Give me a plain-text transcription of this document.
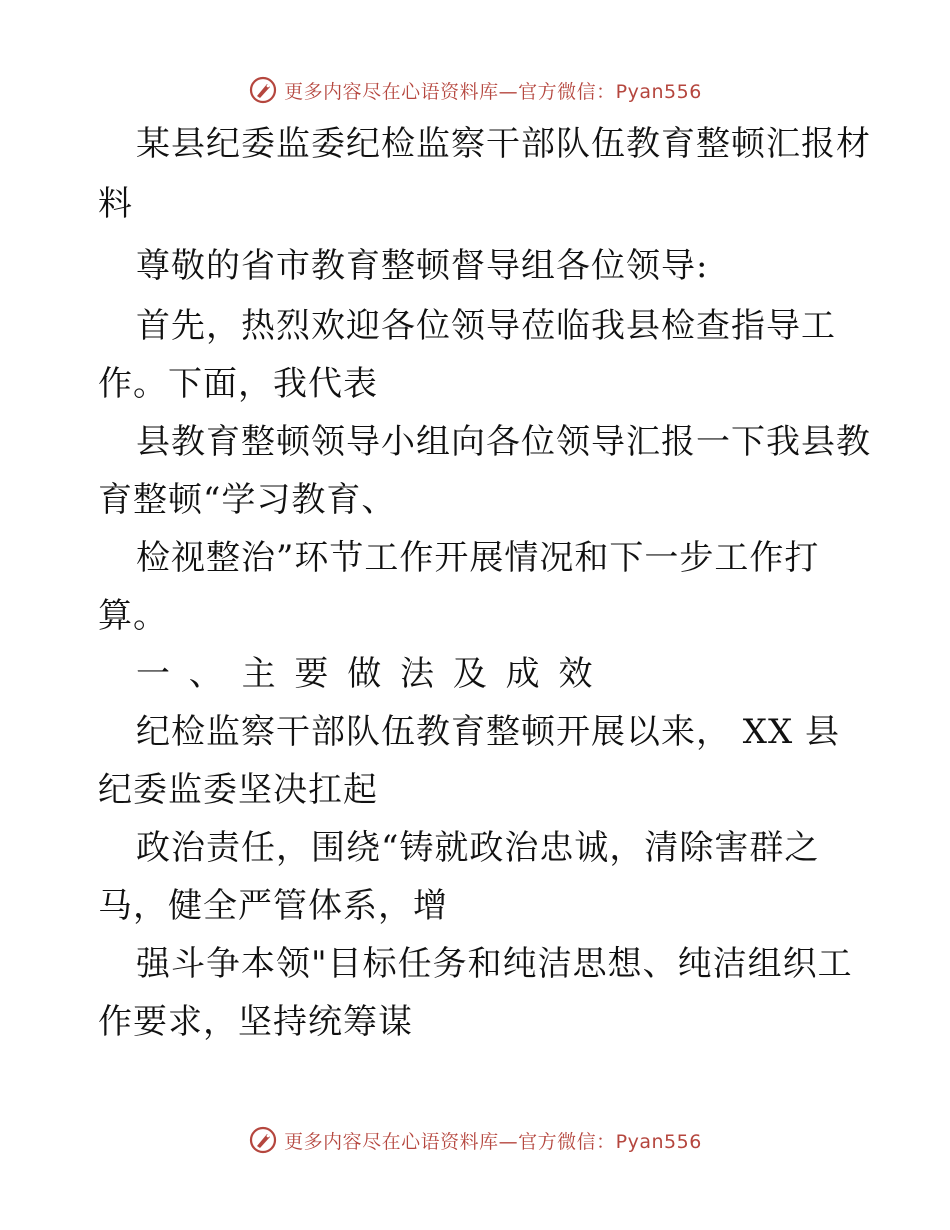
更多内容尽在心语资料库—官方微信：Pyan556
某县纪委监委纪检监察干部队伍教育整顿汇报材
料
尊敬的省市教育整顿督导组各位领导:
首先，热烈欢迎各位领导莅临我县检查指导工
作。下面，我代表
县教育整顿领导小组向各位领导汇报一下我县教
育整顿“学习教育、
检视整治”环节工作开展情况和下一步工作打
算。
一 、 主 要 做 法 及 成 效
纪检监察干部队伍教育整顿开展以来， XX 县
纪委监委坚决扛起
政治责任，围绕“铸就政治忠诚，清除害群之
马，健全严管体系，增
强斗争本领"目标任务和纯洁思想、纯洁组织工
作要求，坚持统筹谋
更多内容尽在心语资料库—官方微信：Pyan556
